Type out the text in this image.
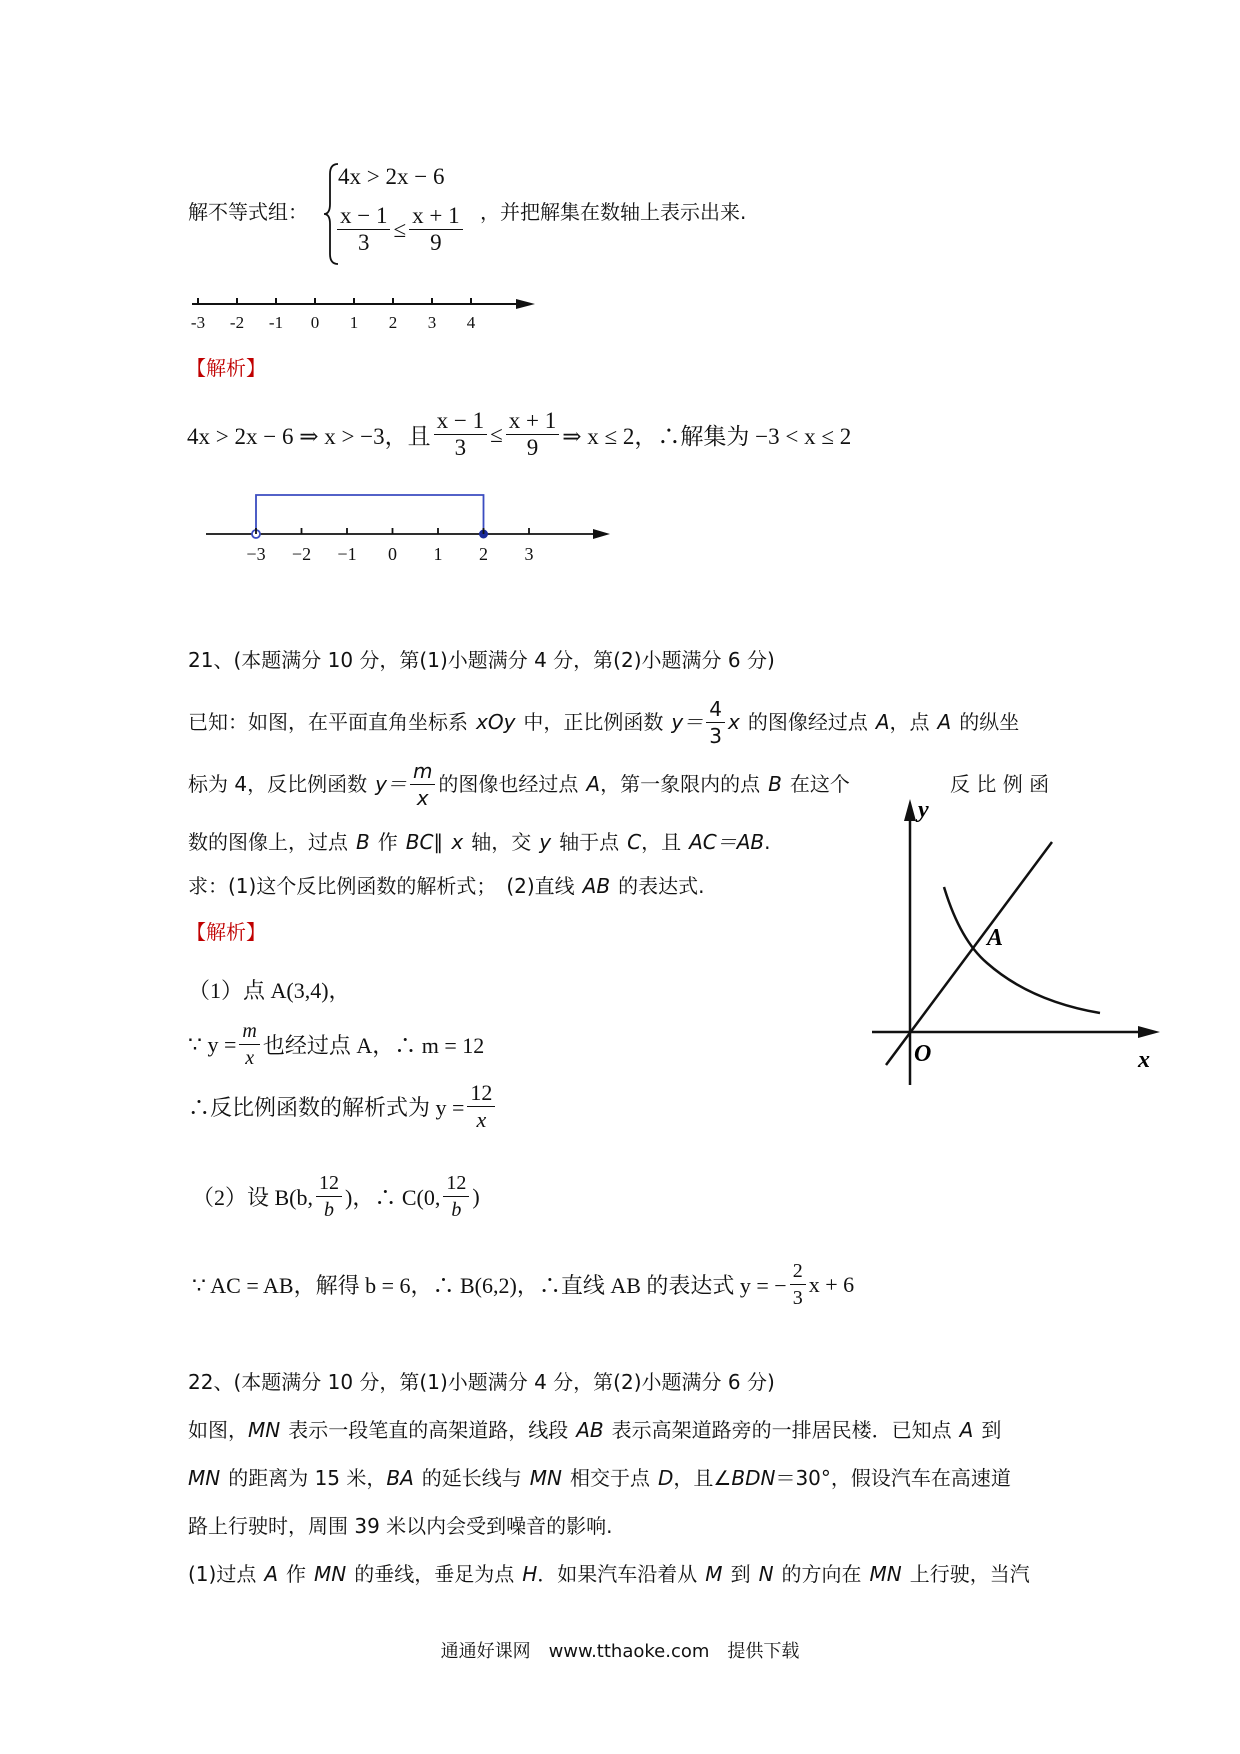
解不等式组：
4x > 2x − 6
$\frac{x - 1}{3} \le \frac{x + 1}{9}$ ，并把解集在数轴上表示出来.
-3 -2 -1 0 1 2 3 4
【解析】
4x > 2x − 6 ⇒ x > −3，且 $\frac{x - 1}{3} \le \frac{x + 1}{9}$ ⇒ x ≤ 2，∴解集为 −3 < x ≤ 2
−3 −2 −1 0 1 2 3
21、(本题满分 10 分，第(1)小题满分 4 分，第(2)小题满分 6 分)
已知：如图，在平面直角坐标系 xOy 中，正比例函数 $y= \frac{4}{3}$ x 的图像经过点 A ，点 A 的纵坐
标为 4，反比例函数 $y= \frac{m}{x}$ 的图像也经过点 A ，第一象限内的点 B 在这个	反 比 例 函
数的图像上，过点 B 作 BC ∥ x 轴，交 y 轴于点 C ，且 AC＝AB .
求：(1)这个反比例函数的解析式；　(2)直线 AB 的表达式.
【解析】
（1）点 A(3,4)，
∵ $y = \frac{m}{x}$ 也经过点 A，∴ m = 12
∴反比例函数的解析式为 $y = \frac{12}{x}$
（2）设 B(b, $\frac{12}{b}$ )，∴ C(0, $\frac{12}{b}$ )
∵ AC = AB，解得 b = 6，∴ B(6,2)，∴直线 AB 的表达式 y = − $\frac{2}{3}$ x + 6
y
x
O
A
22、(本题满分 10 分，第(1)小题满分 4 分，第(2)小题满分 6 分)
如图， MN 表示一段笔直的高架道路，线段 AB 表示高架道路旁的一排居民楼．已知点 A 到
MN 的距离为 15 米， BA 的延长线与 MN 相交于点 D ，且∠ BDN ＝30°，假设汽车在高速道
路上行驶时，周围 39 米以内会受到噪音的影响.
(1)过点 A 作 MN 的垂线，垂足为点 H ．如果汽车沿着从 M 到 N 的方向在 MN 上行驶，当汽
通通好课网　www.tthaoke.com　提供下载
